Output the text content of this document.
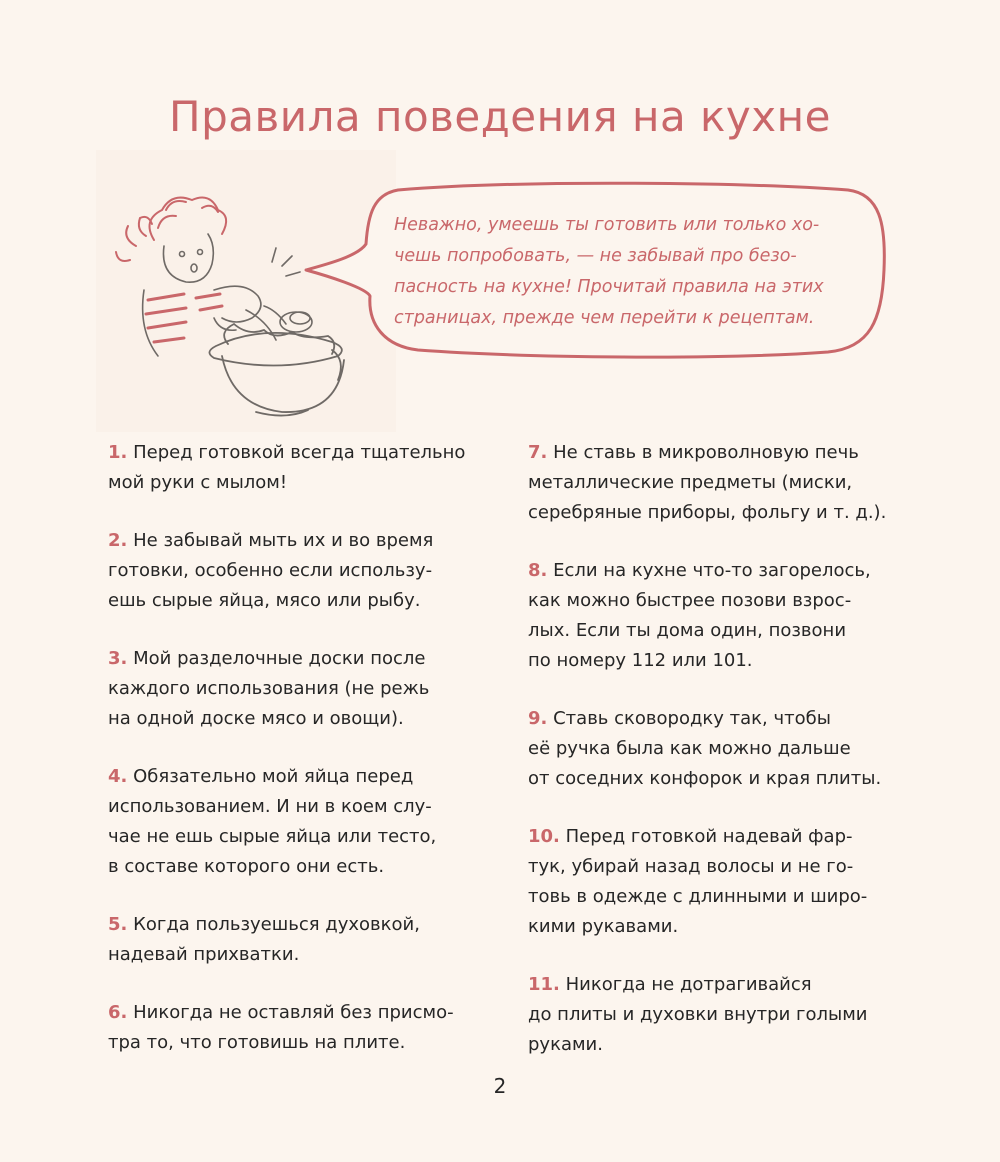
Правила поведения на кухне

Неважно, умеешь ты готовить или только хо-
чешь попробовать, — не забывай про безо-
пасность на кухне! Прочитай правила на этих
страницах, прежде чем перейти к рецептам.

1. Перед готовкой всегда тщательно
мой руки с мылом!

2. Не забывай мыть их и во время
готовки, особенно если использу-
ешь сырые яйца, мясо или рыбу.

3. Мой разделочные доски после
каждого использования (не режь
на одной доске мясо и овощи).

4. Обязательно мой яйца перед
использованием. И ни в коем слу-
чае не ешь сырые яйца или тесто,
в составе которого они есть.

5. Когда пользуешься духовкой,
надевай прихватки.

6. Никогда не оставляй без присмо-
тра то, что готовишь на плите.

7. Не ставь в микроволновую печь
металлические предметы (миски,
серебряные приборы, фольгу и т. д.).

8. Если на кухне что-то загорелось,
как можно быстрее позови взрос-
лых. Если ты дома один, позвони
по номеру 112 или 101.

9. Ставь сковородку так, чтобы
её ручка была как можно дальше
от соседних конфорок и края плиты.

10. Перед готовкой надевай фар-
тук, убирай назад волосы и не го-
товь в одежде с длинными и широ-
кими рукавами.

11. Никогда не дотрагивайся
до плиты и духовки внутри голыми
руками.

2
